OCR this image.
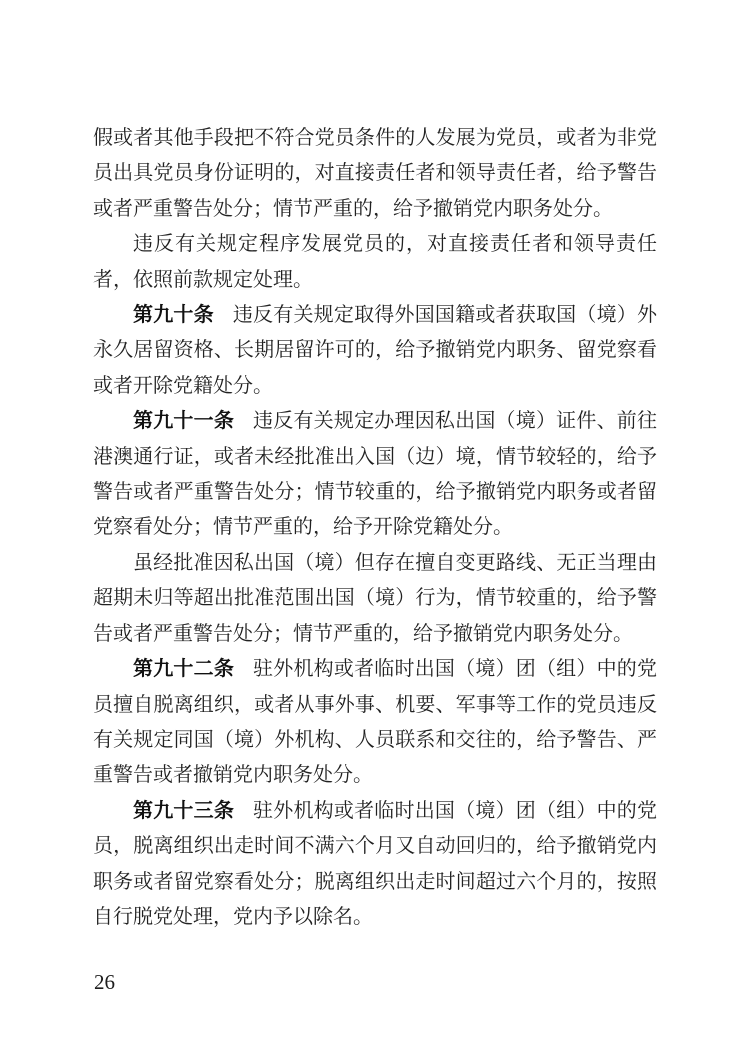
假或者其他手段把不符合党员条件的人发展为党员，或者为非党员出具党员身份证明的，对直接责任者和领导责任者，给予警告或者严重警告处分；情节严重的，给予撤销党内职务处分。

违反有关规定程序发展党员的，对直接责任者和领导责任者，依照前款规定处理。

第九十条 违反有关规定取得外国国籍或者获取国（境）外永久居留资格、长期居留许可的，给予撤销党内职务、留党察看或者开除党籍处分。

第九十一条 违反有关规定办理因私出国（境）证件、前往港澳通行证，或者未经批准出入国（边）境，情节较轻的，给予警告或者严重警告处分；情节较重的，给予撤销党内职务或者留党察看处分；情节严重的，给予开除党籍处分。

虽经批准因私出国（境）但存在擅自变更路线、无正当理由超期未归等超出批准范围出国（境）行为，情节较重的，给予警告或者严重警告处分；情节严重的，给予撤销党内职务处分。

第九十二条 驻外机构或者临时出国（境）团（组）中的党员擅自脱离组织，或者从事外事、机要、军事等工作的党员违反有关规定同国（境）外机构、人员联系和交往的，给予警告、严重警告或者撤销党内职务处分。

第九十三条 驻外机构或者临时出国（境）团（组）中的党员，脱离组织出走时间不满六个月又自动回归的，给予撤销党内职务或者留党察看处分；脱离组织出走时间超过六个月的，按照自行脱党处理，党内予以除名。

26
